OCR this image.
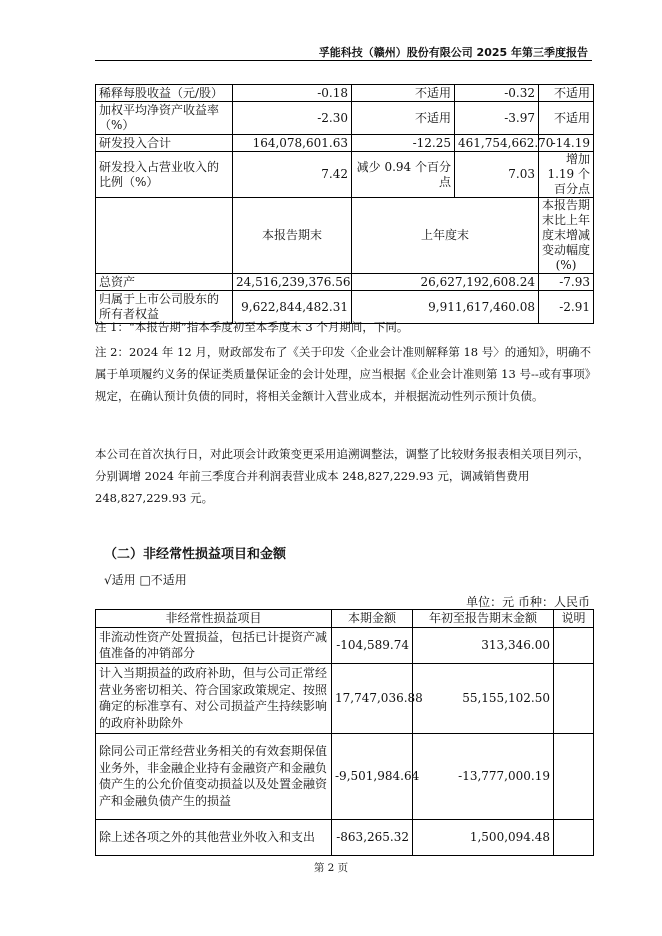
孚能科技（赣州）股份有限公司 2025 年第三季度报告
稀释每股收益（元/股）	-0.18	不适用	-0.32	不适用
加权平均净资产收益率（%）	-2.30	不适用	-3.97	不适用
研发投入合计	164,078,601.63	-12.25	461,754,662.70	-14.19
研发投入占营业收入的比例（%）	7.42	减少 0.94 个百分点	7.03	增加 1.19 个百分点
	本报告期末	上年度末		本报告期末比上年度末增减变动幅度(%)
总资产	24,516,239,376.56	26,627,192,608.24		-7.93
归属于上市公司股东的所有者权益	9,622,844,482.31	9,911,617,460.08		-2.91
注 1：“本报告期”指本季度初至本季度末 3 个月期间，下同。
注 2：2024 年 12 月，财政部发布了《关于印发〈企业会计准则解释第 18 号〉的通知》，明确不属于单项履约义务的保证类质量保证金的会计处理，应当根据《企业会计准则第 13 号--或有事项》规定，在确认预计负债的同时，将相关金额计入营业成本，并根据流动性列示预计负债。
本公司在首次执行日，对此项会计政策变更采用追溯调整法，调整了比较财务报表相关项目列示，分别调增 2024 年前三季度合并利润表营业成本 248,827,229.93 元，调减销售费用 248,827,229.93 元。
（二）非经常性损益项目和金额
√适用 □不适用
单位：元 币种：人民币
非经常性损益项目	本期金额	年初至报告期末金额	说明
非流动性资产处置损益，包括已计提资产减值准备的冲销部分	-104,589.74	313,346.00	
计入当期损益的政府补助，但与公司正常经营业务密切相关、符合国家政策规定、按照确定的标准享有、对公司损益产生持续影响的政府补助除外	17,747,036.88	55,155,102.50	
除同公司正常经营业务相关的有效套期保值业务外，非金融企业持有金融资产和金融负债产生的公允价值变动损益以及处置金融资产和金融负债产生的损益	-9,501,984.64	-13,777,000.19	
除上述各项之外的其他营业外收入和支出	-863,265.32	1,500,094.48	
第 2 页
